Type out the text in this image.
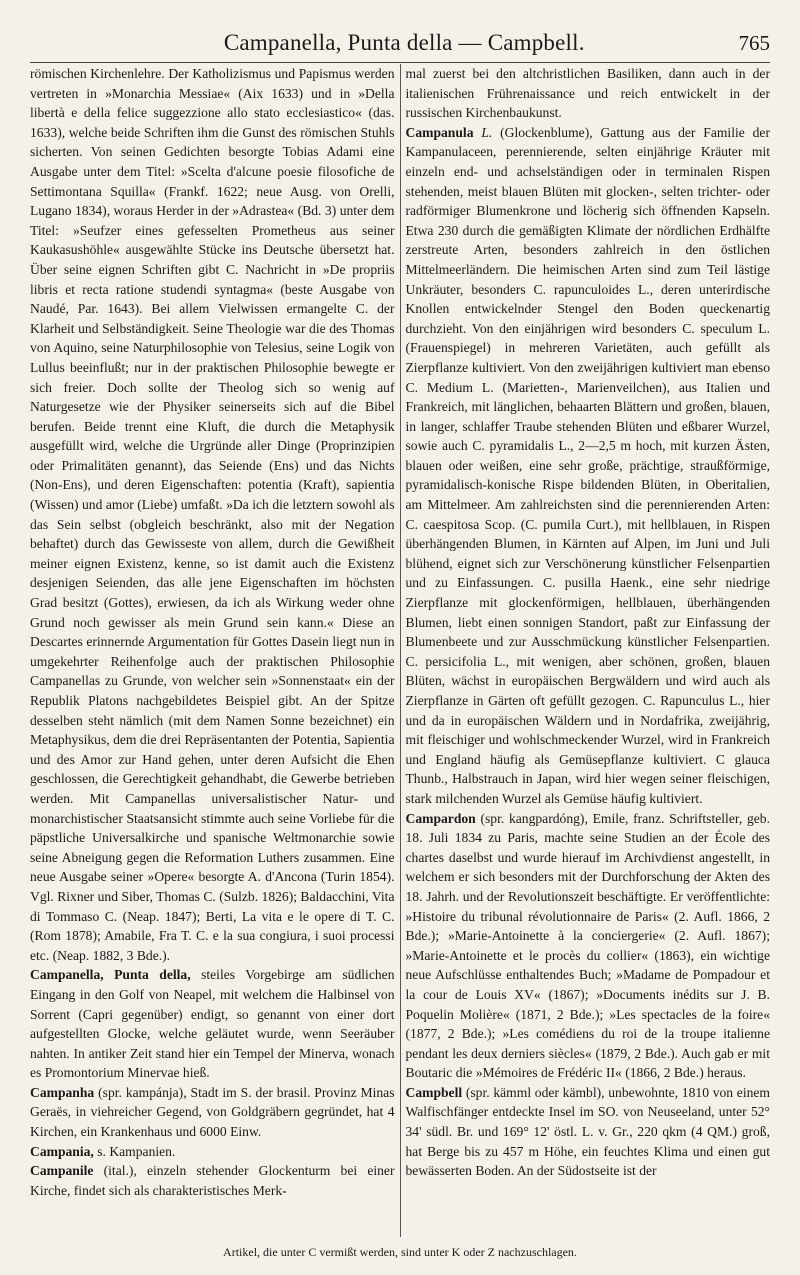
Campanella, Punta della — Campbell.	765

römischen Kirchenlehre. Der Katholizismus und Papismus werden vertreten in »Monarchia Messiae« (Aix 1633) und in »Della libertà e della felice suggezzione allo stato ecclesiastico« (das. 1633), welche beide Schriften ihm die Gunst des römischen Stuhls sicherten. Von seinen Gedichten besorgte Tobias Adami eine Ausgabe unter dem Titel: »Scelta d'alcune poesie filosofiche de Settimontana Squilla« (Frankf. 1622; neue Ausg. von Orelli, Lugano 1834), woraus Herder in der »Adrastea« (Bd. 3) unter dem Titel: »Seufzer eines gefesselten Prometheus aus seiner Kaukasushöhle« ausgewählte Stücke ins Deutsche übersetzt hat. Über seine eignen Schriften gibt C. Nachricht in »De propriis libris et recta ratione studendi syntagma« (beste Ausgabe von Naudé, Par. 1643). Bei allem Vielwissen ermangelte C. der Klarheit und Selbständigkeit. Seine Theologie war die des Thomas von Aquino, seine Naturphilosophie von Telesius, seine Logik von Lullus beeinflußt; nur in der praktischen Philosophie bewegte er sich freier. Doch sollte der Theolog sich so wenig auf Naturgesetze wie der Physiker seinerseits sich auf die Bibel berufen. Beide trennt eine Kluft, die durch die Metaphysik ausgefüllt wird, welche die Urgründe aller Dinge (Proprinzipien oder Primalitäten genannt), das Seiende (Ens) und das Nichts (Non-Ens), und deren Eigenschaften: potentia (Kraft), sapientia (Wissen) und amor (Liebe) umfaßt. »Da ich die letztern sowohl als das Sein selbst (obgleich beschränkt, also mit der Negation behaftet) durch das Gewisseste von allem, durch die Gewißheit meiner eignen Existenz, kenne, so ist damit auch die Existenz desjenigen Seienden, das alle jene Eigenschaften im höchsten Grad besitzt (Gottes), erwiesen, da ich als Wirkung weder ohne Grund noch gewisser als mein Grund sein kann.« Diese an Descartes erinnernde Argumentation für Gottes Dasein liegt nun in umgekehrter Reihenfolge auch der praktischen Philosophie Campanellas zu Grunde, von welcher sein »Sonnenstaat« ein der Republik Platons nachgebildetes Beispiel gibt. An der Spitze desselben steht nämlich (mit dem Namen Sonne bezeichnet) ein Metaphysikus, dem die drei Repräsentanten der Potentia, Sapientia und des Amor zur Hand gehen, unter deren Aufsicht die Ehen geschlossen, die Gerechtigkeit gehandhabt, die Gewerbe betrieben werden. Mit Campanellas universalistischer Natur- und monarchistischer Staatsansicht stimmte auch seine Vorliebe für die päpstliche Universalkirche und spanische Weltmonarchie sowie seine Abneigung gegen die Reformation Luthers zusammen. Eine neue Ausgabe seiner »Opere« besorgte A. d'Ancona (Turin 1854). Vgl. Rixner und Siber, Thomas C. (Sulzb. 1826); Baldacchini, Vita di Tommaso C. (Neap. 1847); Berti, La vita e le opere di T. C. (Rom 1878); Amabile, Fra T. C. e la sua congiura, i suoi processi etc. (Neap. 1882, 3 Bde.).

Campanella, Punta della, steiles Vorgebirge am südlichen Eingang in den Golf von Neapel, mit welchem die Halbinsel von Sorrent (Capri gegenüber) endigt, so genannt von einer dort aufgestellten Glocke, welche geläutet wurde, wenn Seeräuber nahten. In antiker Zeit stand hier ein Tempel der Minerva, wonach es Promontorium Minervae hieß.

Campanha (spr. kampánja), Stadt im S. der brasil. Provinz Minas Geraës, in viehreicher Gegend, von Goldgräbern gegründet, hat 4 Kirchen, ein Krankenhaus und 6000 Einw.

Campania, s. Kampanien.

Campanile (ital.), einzeln stehender Glockenturm bei einer Kirche, findet sich als charakteristisches Merk-

mal zuerst bei den altchristlichen Basiliken, dann auch in der italienischen Frührenaissance und reich entwickelt in der russischen Kirchenbaukunst.

Campanula L. (Glockenblume), Gattung aus der Familie der Kampanulaceen, perennierende, selten einjährige Kräuter mit einzeln end- und achselständigen oder in terminalen Rispen stehenden, meist blauen Blüten mit glocken-, selten trichter- oder radförmiger Blumenkrone und löcherig sich öffnenden Kapseln. Etwa 230 durch die gemäßigten Klimate der nördlichen Erdhälfte zerstreute Arten, besonders zahlreich in den östlichen Mittelmeerländern. Die heimischen Arten sind zum Teil lästige Unkräuter, besonders C. rapunculoides L., deren unterirdische Knollen entwickelnder Stengel den Boden queckenartig durchzieht. Von den einjährigen wird besonders C. speculum L. (Frauenspiegel) in mehreren Varietäten, auch gefüllt als Zierpflanze kultiviert. Von den zweijährigen kultiviert man ebenso C. Medium L. (Marietten-, Marienveilchen), aus Italien und Frankreich, mit länglichen, behaarten Blättern und großen, blauen, in langer, schlaffer Traube stehenden Blüten und eßbarer Wurzel, sowie auch C. pyramidalis L., 2—2,5 m hoch, mit kurzen Ästen, blauen oder weißen, eine sehr große, prächtige, straußförmige, pyramidalisch-konische Rispe bildenden Blüten, in Oberitalien, am Mittelmeer. Am zahlreichsten sind die perennierenden Arten: C. caespitosa Scop. (C. pumila Curt.), mit hellblauen, in Rispen überhängenden Blumen, in Kärnten auf Alpen, im Juni und Juli blühend, eignet sich zur Verschönerung künstlicher Felsenpartien und zu Einfassungen. C. pusilla Haenk., eine sehr niedrige Zierpflanze mit glockenförmigen, hellblauen, überhängenden Blumen, liebt einen sonnigen Standort, paßt zur Einfassung der Blumenbeete und zur Ausschmückung künstlicher Felsenpartien. C. persicifolia L., mit wenigen, aber schönen, großen, blauen Blüten, wächst in europäischen Bergwäldern und wird auch als Zierpflanze in Gärten oft gefüllt gezogen. C. Rapunculus L., hier und da in europäischen Wäldern und in Nordafrika, zweijährig, mit fleischiger und wohlschmeckender Wurzel, wird in Frankreich und England häufig als Gemüsepflanze kultiviert. C glauca Thunb., Halbstrauch in Japan, wird hier wegen seiner fleischigen, stark milchenden Wurzel als Gemüse häufig kultiviert.

Campardon (spr. kangpardóng), Emile, franz. Schriftsteller, geb. 18. Juli 1834 zu Paris, machte seine Studien an der École des chartes daselbst und wurde hierauf im Archivdienst angestellt, in welchem er sich besonders mit der Durchforschung der Akten des 18. Jahrh. und der Revolutionszeit beschäftigte. Er veröffentlichte: »Histoire du tribunal révolutionnaire de Paris« (2. Aufl. 1866, 2 Bde.); »Marie-Antoinette à la conciergerie« (2. Aufl. 1867); »Marie-Antoinette et le procès du collier« (1863), ein wichtige neue Aufschlüsse enthaltendes Buch; »Madame de Pompadour et la cour de Louis XV« (1867); »Documents inédits sur J. B. Poquelin Molière« (1871, 2 Bde.); »Les spectacles de la foire« (1877, 2 Bde.); »Les comédiens du roi de la troupe italienne pendant les deux derniers siècles« (1879, 2 Bde.). Auch gab er mit Boutaric die »Mémoires de Frédéric II« (1866, 2 Bde.) heraus.

Campbell (spr. kämml oder kämbl), unbewohnte, 1810 von einem Walfischfänger entdeckte Insel im SO. von Neuseeland, unter 52° 34' südl. Br. und 169° 12' östl. L. v. Gr., 220 qkm (4 QM.) groß, hat Berge bis zu 457 m Höhe, ein feuchtes Klima und einen gut bewässerten Boden. An der Südostseite ist der

Artikel, die unter C vermißt werden, sind unter K oder Z nachzuschlagen.
